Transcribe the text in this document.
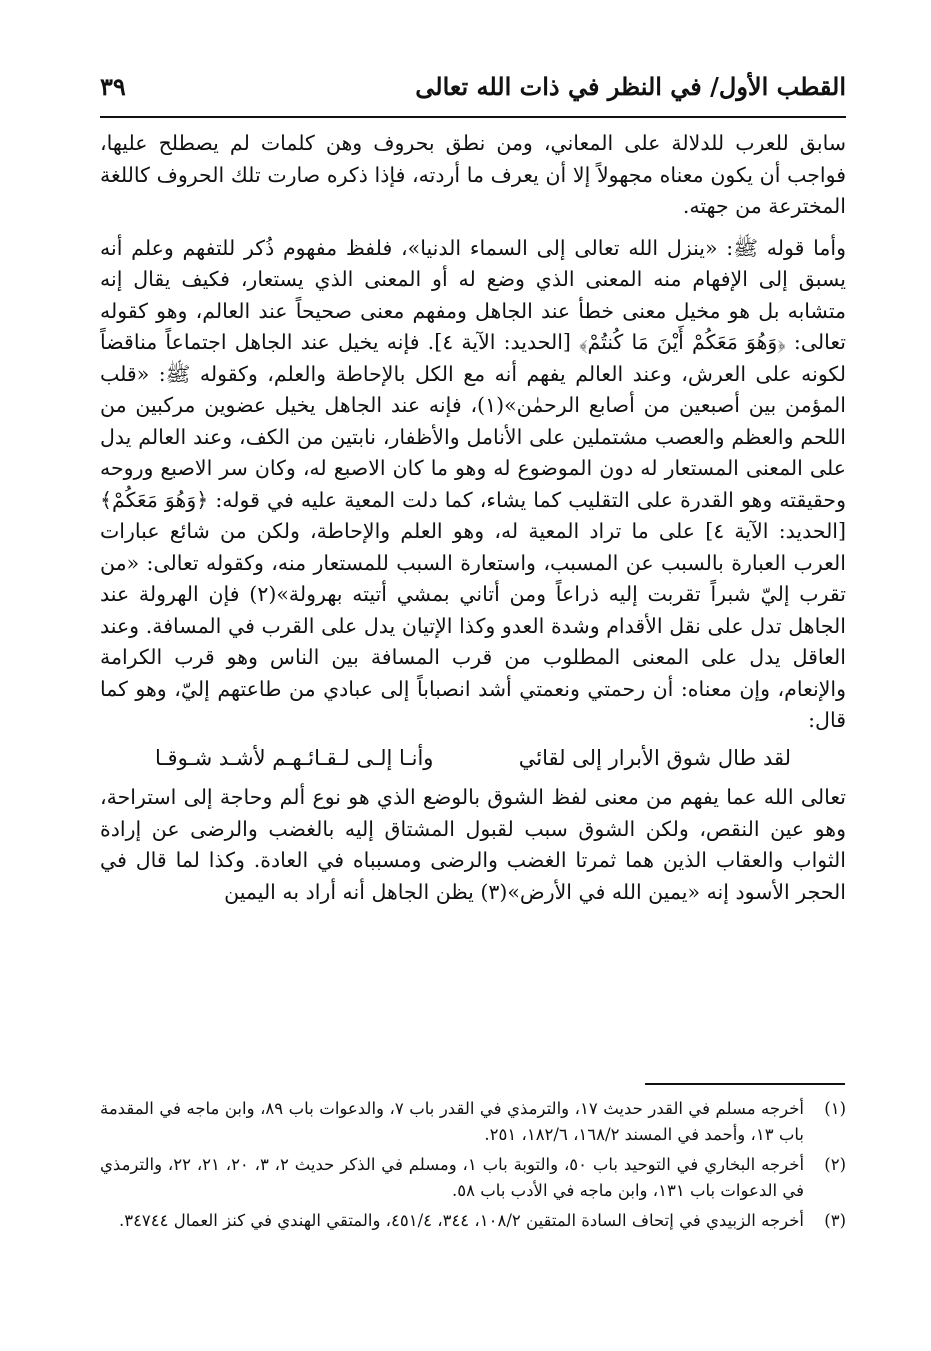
القطب الأول/ في النظر في ذات الله تعالى
٣٩

سابق للعرب للدلالة على المعاني، ومن نطق بحروف وهن كلمات لم يصطلح عليها، فواجب أن يكون معناه مجهولاً إلا أن يعرف ما أردته، فإذا ذكره صارت تلك الحروف كاللغة المخترعة من جهته.

وأما قوله ﷺ: «ينزل الله تعالى إلى السماء الدنيا»، فلفظ مفهوم ذُكر للتفهم وعلم أنه يسبق إلى الإفهام منه المعنى الذي وضع له أو المعنى الذي يستعار، فكيف يقال إنه متشابه بل هو مخيل معنى خطأ عند الجاهل ومفهم معنى صحيحاً عند العالم، وهو كقوله تعالى: ﴿وَهُوَ مَعَكُمْ أَيْنَ مَا كُنتُمْ﴾ [الحديد: الآية ٤]. فإنه يخيل عند الجاهل اجتماعاً مناقضاً لكونه على العرش، وعند العالم يفهم أنه مع الكل بالإحاطة والعلم، وكقوله ﷺ: «قلب المؤمن بين أصبعين من أصابع الرحمٰن»(١)، فإنه عند الجاهل يخيل عضوين مركبين من اللحم والعظم والعصب مشتملين على الأنامل والأظفار، نابتين من الكف، وعند العالم يدل على المعنى المستعار له دون الموضوع له وهو ما كان الاصبع له، وكان سر الاصبع وروحه وحقيقته وهو القدرة على التقليب كما يشاء، كما دلت المعية عليه في قوله: ﴿وَهُوَ مَعَكُمْ﴾ [الحديد: الآية ٤] على ما تراد المعية له، وهو العلم والإحاطة، ولكن من شائع عبارات العرب العبارة بالسبب عن المسبب، واستعارة السبب للمستعار منه، وكقوله تعالى: «من تقرب إليّ شبراً تقربت إليه ذراعاً ومن أتاني بمشي أتيته بهرولة»(٢) فإن الهرولة عند الجاهل تدل على نقل الأقدام وشدة العدو وكذا الإتيان يدل على القرب في المسافة. وعند العاقل يدل على المعنى المطلوب من قرب المسافة بين الناس وهو قرب الكرامة والإنعام، وإن معناه: أن رحمتي ونعمتي أشد انصباباً إلى عبادي من طاعتهم إليّ، وهو كما قال:

لقد طال شوق الأبرار إلى لقائي
وأنـا إلـى لـقـائـهـم لأشـد شـوقـا

تعالى الله عما يفهم من معنى لفظ الشوق بالوضع الذي هو نوع ألم وحاجة إلى استراحة، وهو عين النقص، ولكن الشوق سبب لقبول المشتاق إليه بالغضب والرضى عن إرادة الثواب والعقاب الذين هما ثمرتا الغضب والرضى ومسبباه في العادة. وكذا لما قال في الحجر الأسود إنه «يمين الله في الأرض»(٣) يظن الجاهل أنه أراد به اليمين

(١)
أخرجه مسلم في القدر حديث ١٧، والترمذي في القدر باب ٧، والدعوات باب ٨٩، وابن ماجه في المقدمة باب ١٣، وأحمد في المسند ١٦٨/٢، ١٨٢/٦، ٢٥١.
(٢)
أخرجه البخاري في التوحيد باب ٥٠، والتوبة باب ١، ومسلم في الذكر حديث ٢، ٣، ٢٠، ٢١، ٢٢، والترمذي في الدعوات باب ١٣١، وابن ماجه في الأدب باب ٥٨.
(٣)
أخرجه الزبيدي في إتحاف السادة المتقين ١٠٨/٢، ٣٤٤، ٤٥١/٤، والمتقي الهندي في كنز العمال ٣٤٧٤٤.
